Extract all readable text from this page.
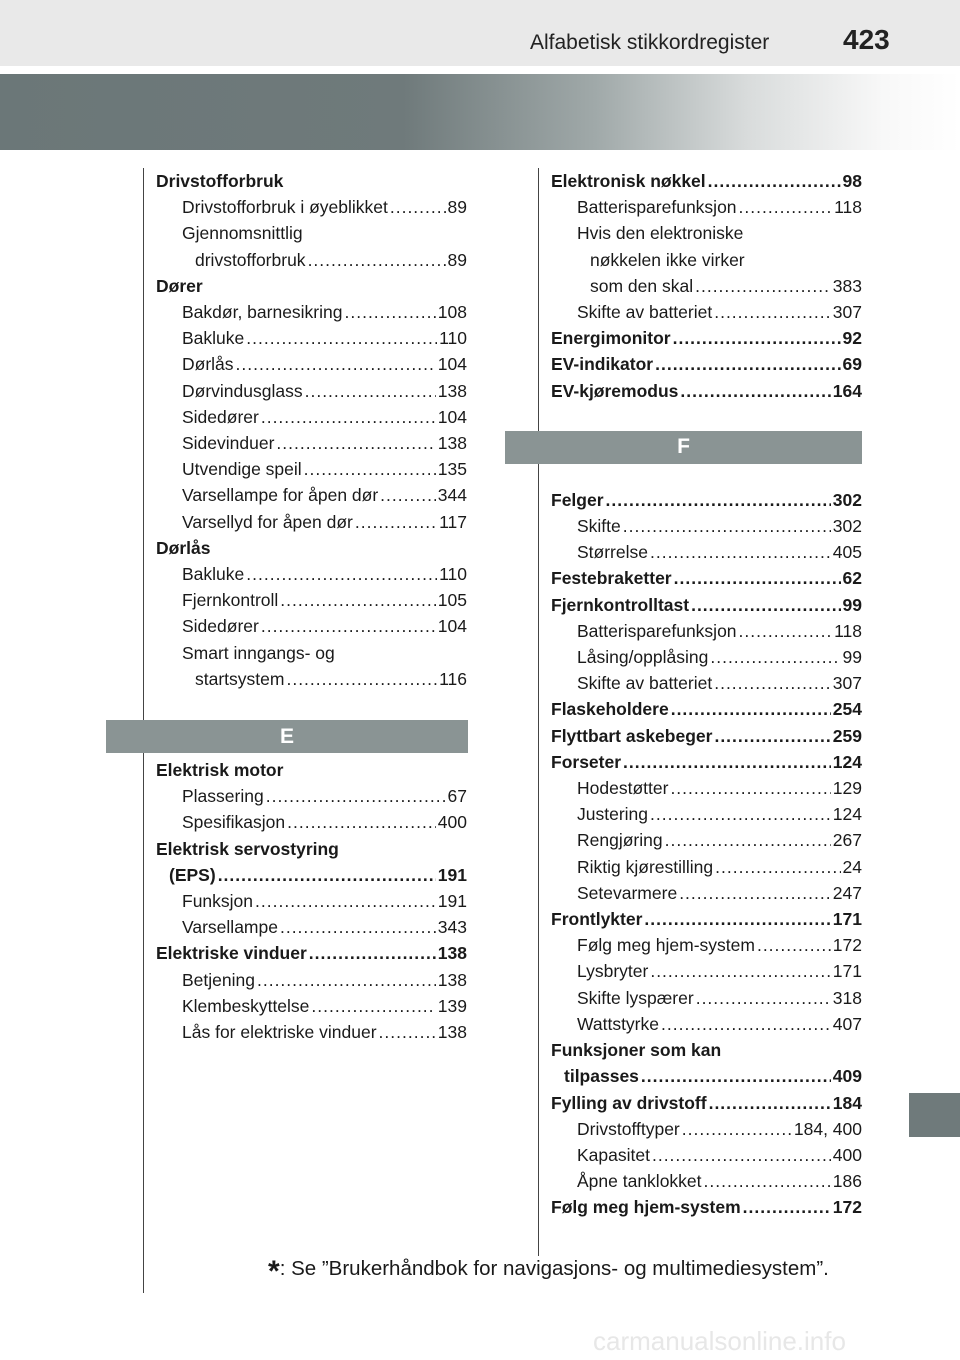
Alfabetisk stikkordregister	423
Drivstofforbruk
Drivstofforbruk i øyeblikket .....	89
Gjennomsnittlig
drivstofforbruk .....	89
Dører
Bakdør, barnesikring .....	108
Bakluke .....	110
Dørlås .....	104
Dørvindusglass .....	138
Sidedører .....	104
Sidevinduer .....	138
Utvendige speil .....	135
Varsellampe for åpen dør .....	344
Varsellyd for åpen dør .....	117
Dørlås
Bakluke .....	110
Fjernkontroll .....	105
Sidedører .....	104
Smart inngangs- og
startsystem .....	116
E
Elektrisk motor
Plassering .....	67
Spesifikasjon .....	400
Elektrisk servostyring
(EPS) .....	191
Funksjon .....	191
Varsellampe .....	343
Elektriske vinduer .....	138
Betjening .....	138
Klembeskyttelse .....	139
Lås for elektriske vinduer .....	138
Elektronisk nøkkel .....	98
Batterisparefunksjon .....	118
Hvis den elektroniske
nøkkelen ikke virker
som den skal .....	383
Skifte av batteriet .....	307
Energimonitor .....	92
EV-indikator .....	69
EV-kjøremodus .....	164
F
Felger .....	302
Skifte .....	302
Størrelse .....	405
Festebraketter .....	62
Fjernkontrolltast .....	99
Batterisparefunksjon .....	118
Låsing/opplåsing .....	99
Skifte av batteriet .....	307
Flaskeholdere .....	254
Flyttbart askebeger .....	259
Forseter .....	124
Hodestøtter .....	129
Justering .....	124
Rengjøring .....	267
Riktig kjørestilling .....	24
Setevarmere .....	247
Frontlykter .....	171
Følg meg hjem-system .....	172
Lysbryter .....	171
Skifte lyspærer .....	318
Wattstyrke .....	407
Funksjoner som kan
tilpasses .....	409
Fylling av drivstoff .....	184
Drivstofftyper .....	184, 400
Kapasitet .....	400
Åpne tanklokket .....	186
Følg meg hjem-system .....	172
*: Se ”Brukerhåndbok for navigasjons- og multimediesystem”.
carmanualsonline.info
